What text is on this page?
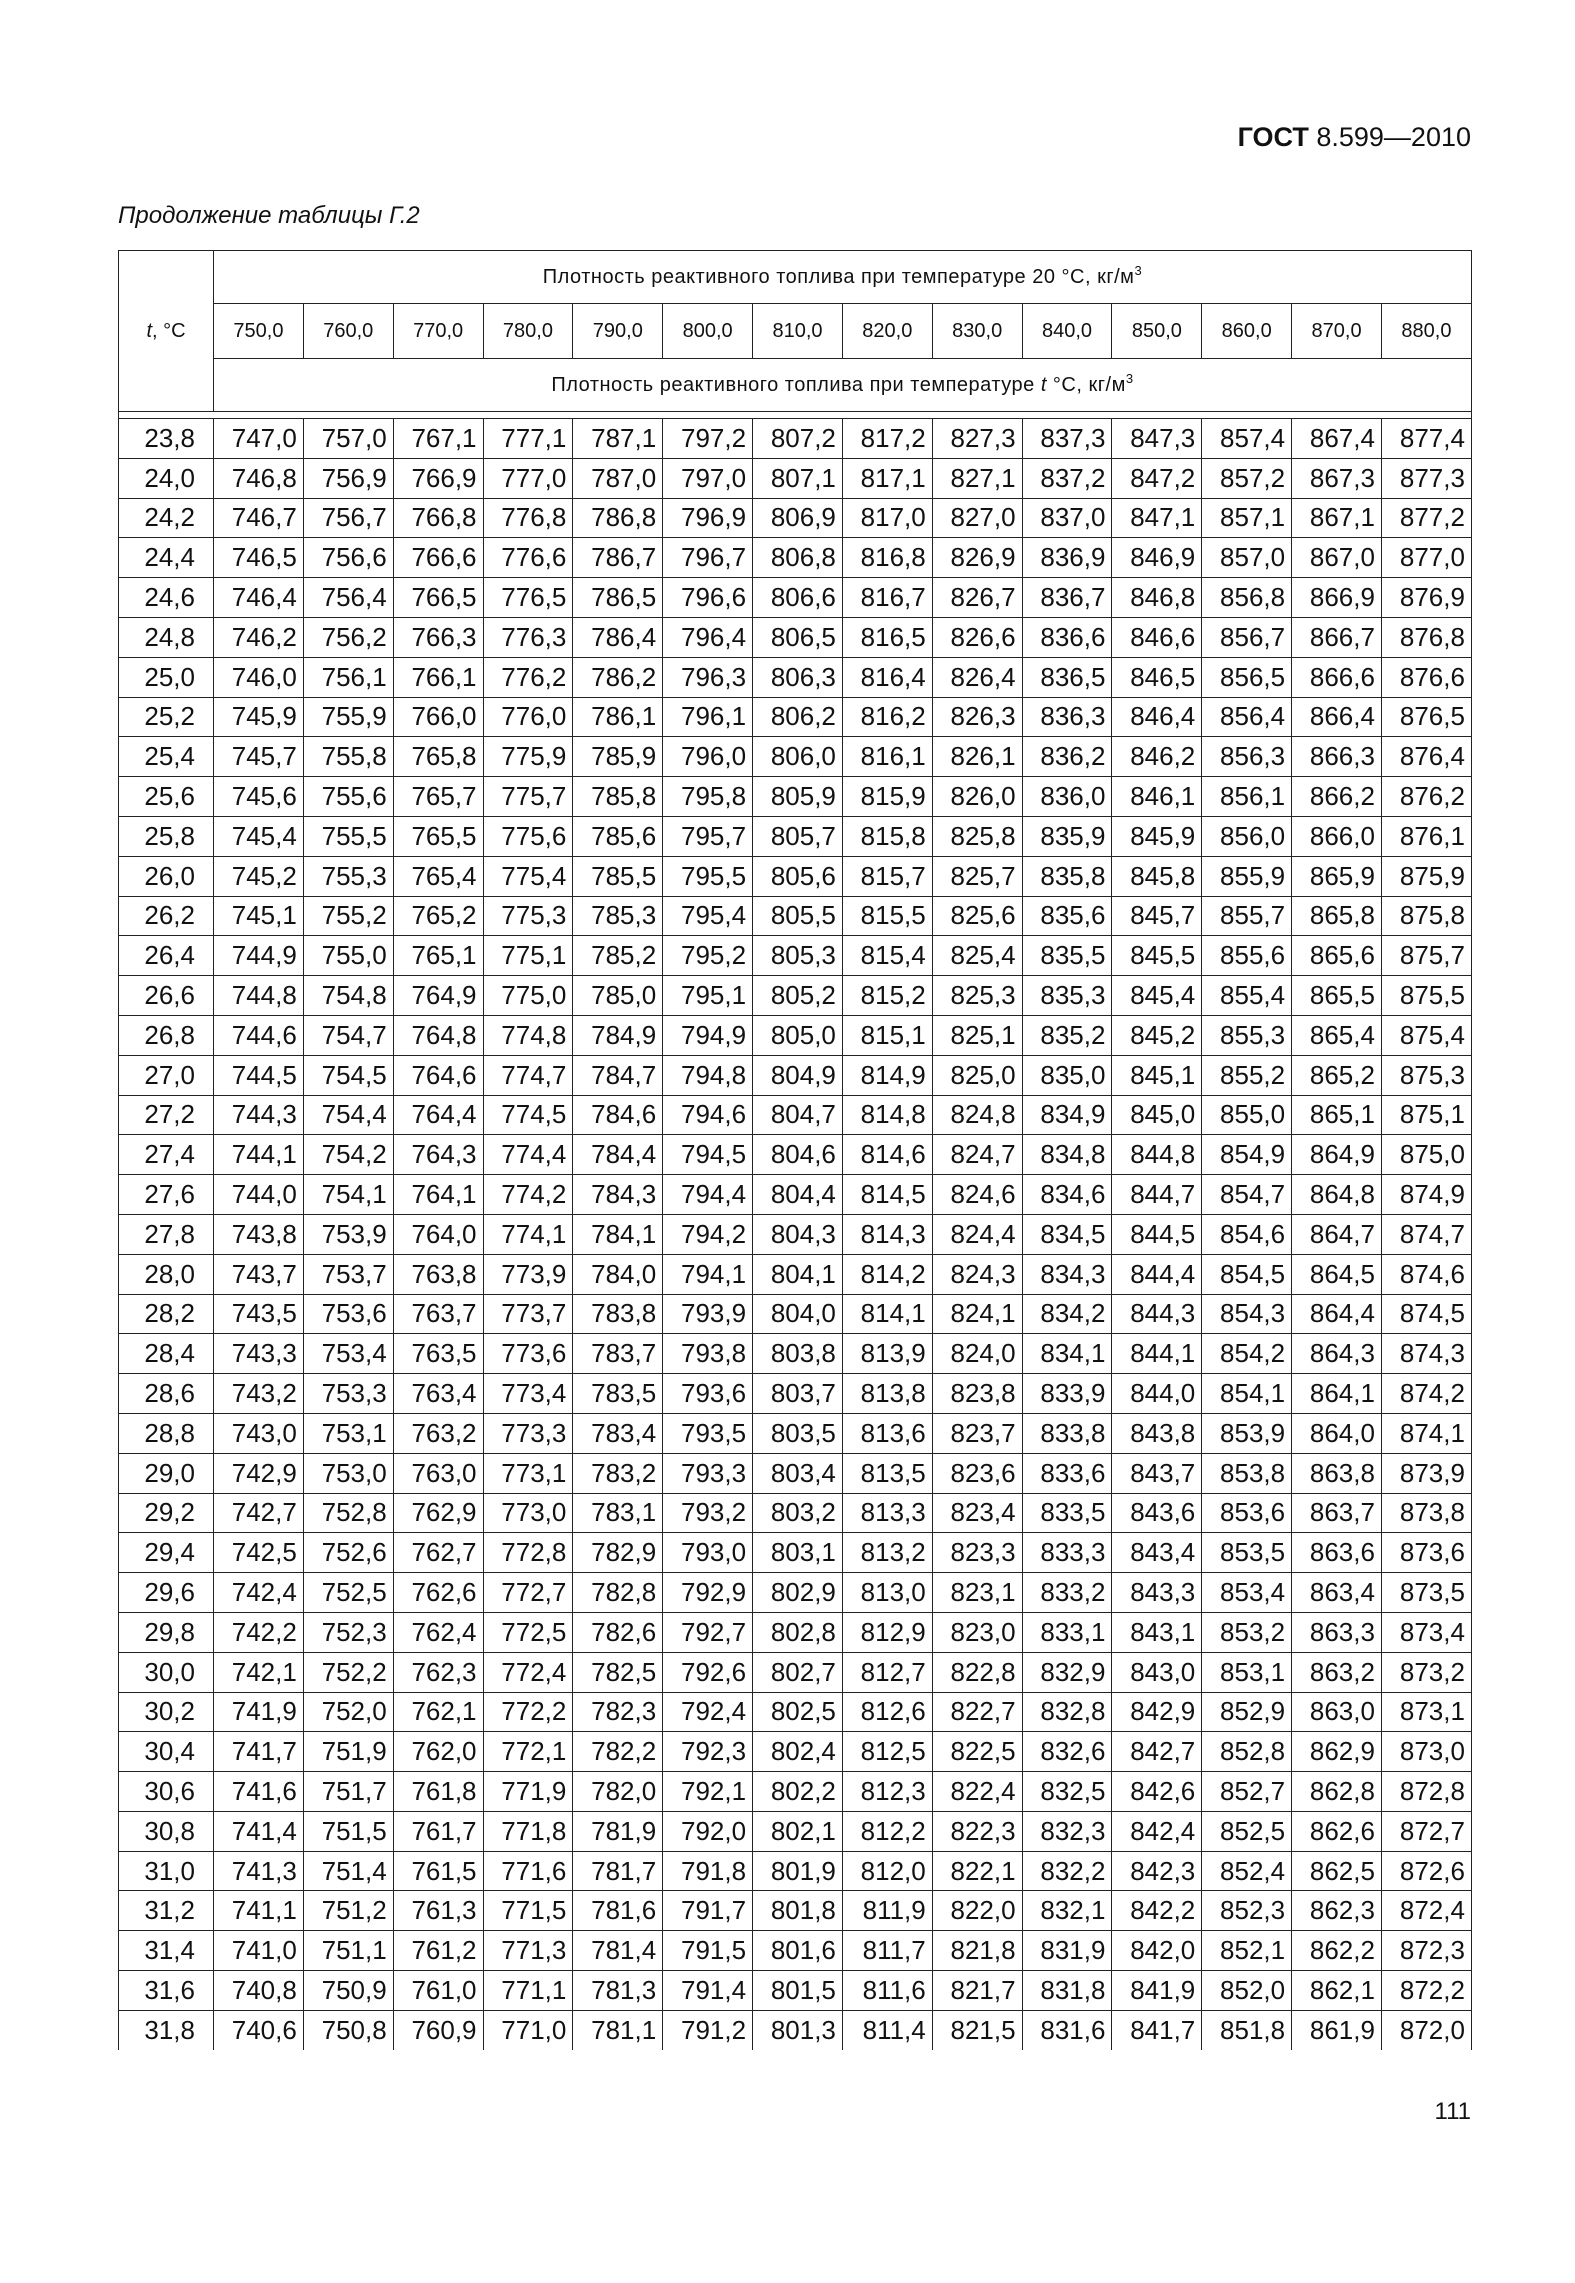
ГОСТ 8.599—2010
Продолжение таблицы Г.2
t, °С	Плотность реактивного топлива при температуре 20 °С, $кг/м^3$
	750,0	760,0	770,0	780,0	790,0	800,0	810,0	820,0	830,0	840,0	850,0	860,0	870,0	880,0
	Плотность реактивного топлива при температуре t °С, $кг/м^3$

23,8	747,0	757,0	767,1	777,1	787,1	797,2	807,2	817,2	827,3	837,3	847,3	857,4	867,4	877,4
24,0	746,8	756,9	766,9	777,0	787,0	797,0	807,1	817,1	827,1	837,2	847,2	857,2	867,3	877,3
24,2	746,7	756,7	766,8	776,8	786,8	796,9	806,9	817,0	827,0	837,0	847,1	857,1	867,1	877,2
24,4	746,5	756,6	766,6	776,6	786,7	796,7	806,8	816,8	826,9	836,9	846,9	857,0	867,0	877,0
24,6	746,4	756,4	766,5	776,5	786,5	796,6	806,6	816,7	826,7	836,7	846,8	856,8	866,9	876,9
24,8	746,2	756,2	766,3	776,3	786,4	796,4	806,5	816,5	826,6	836,6	846,6	856,7	866,7	876,8
25,0	746,0	756,1	766,1	776,2	786,2	796,3	806,3	816,4	826,4	836,5	846,5	856,5	866,6	876,6
25,2	745,9	755,9	766,0	776,0	786,1	796,1	806,2	816,2	826,3	836,3	846,4	856,4	866,4	876,5
25,4	745,7	755,8	765,8	775,9	785,9	796,0	806,0	816,1	826,1	836,2	846,2	856,3	866,3	876,4
25,6	745,6	755,6	765,7	775,7	785,8	795,8	805,9	815,9	826,0	836,0	846,1	856,1	866,2	876,2
25,8	745,4	755,5	765,5	775,6	785,6	795,7	805,7	815,8	825,8	835,9	845,9	856,0	866,0	876,1
26,0	745,2	755,3	765,4	775,4	785,5	795,5	805,6	815,7	825,7	835,8	845,8	855,9	865,9	875,9
26,2	745,1	755,2	765,2	775,3	785,3	795,4	805,5	815,5	825,6	835,6	845,7	855,7	865,8	875,8
26,4	744,9	755,0	765,1	775,1	785,2	795,2	805,3	815,4	825,4	835,5	845,5	855,6	865,6	875,7
26,6	744,8	754,8	764,9	775,0	785,0	795,1	805,2	815,2	825,3	835,3	845,4	855,4	865,5	875,5
26,8	744,6	754,7	764,8	774,8	784,9	794,9	805,0	815,1	825,1	835,2	845,2	855,3	865,4	875,4
27,0	744,5	754,5	764,6	774,7	784,7	794,8	804,9	814,9	825,0	835,0	845,1	855,2	865,2	875,3
27,2	744,3	754,4	764,4	774,5	784,6	794,6	804,7	814,8	824,8	834,9	845,0	855,0	865,1	875,1
27,4	744,1	754,2	764,3	774,4	784,4	794,5	804,6	814,6	824,7	834,8	844,8	854,9	864,9	875,0
27,6	744,0	754,1	764,1	774,2	784,3	794,4	804,4	814,5	824,6	834,6	844,7	854,7	864,8	874,9
27,8	743,8	753,9	764,0	774,1	784,1	794,2	804,3	814,3	824,4	834,5	844,5	854,6	864,7	874,7
28,0	743,7	753,7	763,8	773,9	784,0	794,1	804,1	814,2	824,3	834,3	844,4	854,5	864,5	874,6
28,2	743,5	753,6	763,7	773,7	783,8	793,9	804,0	814,1	824,1	834,2	844,3	854,3	864,4	874,5
28,4	743,3	753,4	763,5	773,6	783,7	793,8	803,8	813,9	824,0	834,1	844,1	854,2	864,3	874,3
28,6	743,2	753,3	763,4	773,4	783,5	793,6	803,7	813,8	823,8	833,9	844,0	854,1	864,1	874,2
28,8	743,0	753,1	763,2	773,3	783,4	793,5	803,5	813,6	823,7	833,8	843,8	853,9	864,0	874,1
29,0	742,9	753,0	763,0	773,1	783,2	793,3	803,4	813,5	823,6	833,6	843,7	853,8	863,8	873,9
29,2	742,7	752,8	762,9	773,0	783,1	793,2	803,2	813,3	823,4	833,5	843,6	853,6	863,7	873,8
29,4	742,5	752,6	762,7	772,8	782,9	793,0	803,1	813,2	823,3	833,3	843,4	853,5	863,6	873,6
29,6	742,4	752,5	762,6	772,7	782,8	792,9	802,9	813,0	823,1	833,2	843,3	853,4	863,4	873,5
29,8	742,2	752,3	762,4	772,5	782,6	792,7	802,8	812,9	823,0	833,1	843,1	853,2	863,3	873,4
30,0	742,1	752,2	762,3	772,4	782,5	792,6	802,7	812,7	822,8	832,9	843,0	853,1	863,2	873,2
30,2	741,9	752,0	762,1	772,2	782,3	792,4	802,5	812,6	822,7	832,8	842,9	852,9	863,0	873,1
30,4	741,7	751,9	762,0	772,1	782,2	792,3	802,4	812,5	822,5	832,6	842,7	852,8	862,9	873,0
30,6	741,6	751,7	761,8	771,9	782,0	792,1	802,2	812,3	822,4	832,5	842,6	852,7	862,8	872,8
30,8	741,4	751,5	761,7	771,8	781,9	792,0	802,1	812,2	822,3	832,3	842,4	852,5	862,6	872,7
31,0	741,3	751,4	761,5	771,6	781,7	791,8	801,9	812,0	822,1	832,2	842,3	852,4	862,5	872,6
31,2	741,1	751,2	761,3	771,5	781,6	791,7	801,8	811,9	822,0	832,1	842,2	852,3	862,3	872,4
31,4	741,0	751,1	761,2	771,3	781,4	791,5	801,6	811,7	821,8	831,9	842,0	852,1	862,2	872,3
31,6	740,8	750,9	761,0	771,1	781,3	791,4	801,5	811,6	821,7	831,8	841,9	852,0	862,1	872,2
31,8	740,6	750,8	760,9	771,0	781,1	791,2	801,3	811,4	821,5	831,6	841,7	851,8	861,9	872,0
111
